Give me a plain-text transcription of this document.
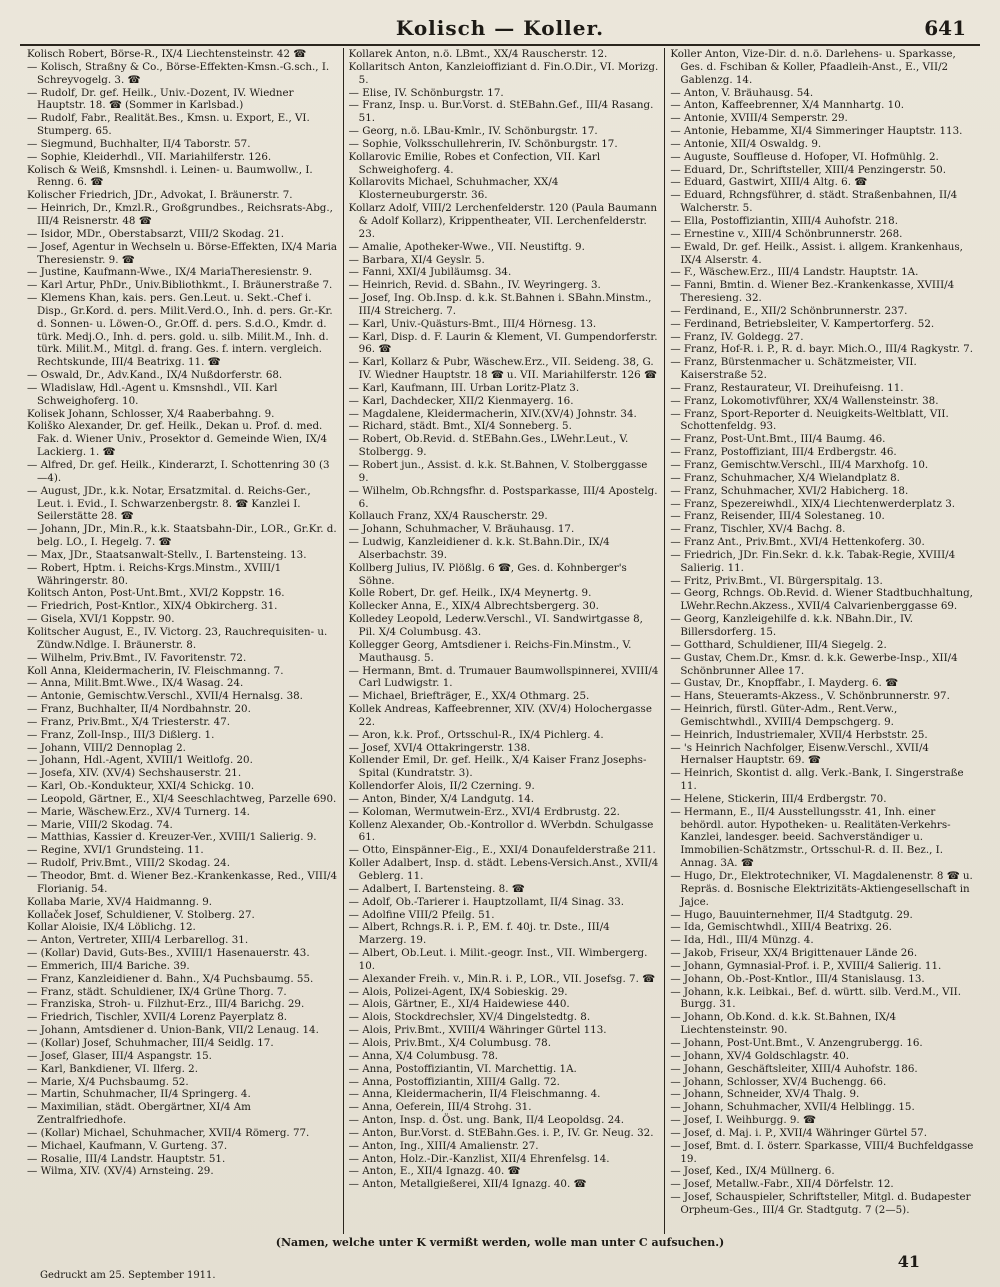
Kolisch — Koller.	641
Kolisch Robert, Börse-R., IX/4 Liechtensteinstr. 42 ☎
— Kolisch, Straßny & Co., Börse-Effekten-Kmsn.-G.sch., I. Schreyvogelg. 3. ☎
— Rudolf, Dr. gef. Heilk., Univ.-Dozent, IV. Wiedner Hauptstr. 18. ☎ (Sommer in Karlsbad.)
— Rudolf, Fabr., Realität.Bes., Kmsn. u. Export, E., VI. Stumperg. 65.
— Siegmund, Buchhalter, II/4 Taborstr. 57.
— Sophie, Kleiderhdl., VII. Mariahilferstr. 126.
Kolisch & Weiß, Kmsnshdl. i. Leinen- u. Baumwollw., I. Renng. 6. ☎
Kolischer Friedrich, JDr., Advokat, I. Bräunerstr. 7.
— Heinrich, Dr., Kmzl.R., Großgrundbes., Reichsrats-Abg., III/4 Reisnerstr. 48 ☎
— Isidor, MDr., Oberstabsarzt, VIII/2 Skodag. 21.
— Josef, Agentur in Wechseln u. Börse-Effekten, IX/4 Maria Theresienstr. 9. ☎
— Justine, Kaufmann-Wwe., IX/4 MariaTheresienstr. 9.
— Karl Artur, PhDr., Univ.Bibliothkmt., I. Bräunerstraße 7.
— Klemens Khan, kais. pers. Gen.Leut. u. Sekt.-Chef i. Disp., Gr.Kord. d. pers. Milit.Verd.O., Inh. d. pers. Gr.-Kr. d. Sonnen- u. Löwen-O., Gr.Off. d. pers. S.d.O., Kmdr. d. türk. Medj.O., Inh. d. pers. gold. u. silb. Milit.M., Inh. d. türk. Milit.M., Mitgl. d. frang. Ges. f. intern. vergleich. Rechtskunde, III/4 Beatrixg. 11. ☎
— Oswald, Dr., Adv.Kand., IX/4 Nußdorferstr. 68.
— Wladislaw, Hdl.-Agent u. Kmsnshdl., VII. Karl Schweighoferg. 10.
Kolisek Johann, Schlosser, X/4 Raaberbahng. 9.
Koliško Alexander, Dr. gef. Heilk., Dekan u. Prof. d. med. Fak. d. Wiener Univ., Prosektor d. Gemeinde Wien, IX/4 Lackierg. 1. ☎
— Alfred, Dr. gef. Heilk., Kinderarzt, I. Schottenring 30 (3—4).
— August, JDr., k.k. Notar, Ersatzmital. d. Reichs-Ger., Leut. i. Evid., I. Schwarzenbergstr. 8. ☎ Kanzlei I. Seilerstätte 28. ☎
— Johann, JDr., Min.R., k.k. Staatsbahn-Dir., LOR., Gr.Kr. d. belg. LO., I. Hegelg. 7. ☎
— Max, JDr., Staatsanwalt-Stellv., I. Bartensteing. 13.
— Robert, Hptm. i. Reichs-Krgs.Minstm., XVIII/1 Währingerstr. 80.
Kolitsch Anton, Post-Unt.Bmt., XVI/2 Koppstr. 16.
— Friedrich, Post-Kntlor., XIX/4 Obkircherg. 31.
— Gisela, XVI/1 Koppstr. 90.
Kolitscher August, E., IV. Victorg. 23, Rauchrequisiten- u. Zündw.Ndlge. I. Bräunerstr. 8.
— Wilhelm, Priv.Bmt., IV. Favoritenstr. 72.
Koll Anna, Kleidermacherin, IV. Fleischmanng. 7.
— Anna, Milit.Bmt.Wwe., IX/4 Wasag. 24.
— Antonie, Gemischtw.Verschl., XVII/4 Hernalsg. 38.
— Franz, Buchhalter, II/4 Nordbahnstr. 20.
— Franz, Priv.Bmt., X/4 Triesterstr. 47.
— Franz, Zoll-Insp., III/3 Dißlerg. 1.
— Johann, VIII/2 Dennoplag 2.
— Johann, Hdl.-Agent, XVIII/1 Weitlofg. 20.
— Josefa, XIV. (XV/4) Sechshauserstr. 21.
— Karl, Ob.-Kondukteur, XXI/4 Schickg. 10.
— Leopold, Gärtner, E., XI/4 Seeschlachtweg, Parzelle 690.
— Marie, Wäschew.Erz., XV/4 Turnerg. 14.
— Marie, VIII/2 Skodag. 74.
— Matthias, Kassier d. Kreuzer-Ver., XVIII/1 Salierig. 9.
— Regine, XVI/1 Grundsteing. 11.
— Rudolf, Priv.Bmt., VIII/2 Skodag. 24.
— Theodor, Bmt. d. Wiener Bez.-Krankenkasse, Red., VIII/4 Florianig. 54.
Kollaba Marie, XV/4 Haidmanng. 9.
Kollaček Josef, Schuldiener, V. Stolberg. 27.
Kollar Aloisie, IX/4 Löblichg. 12.
— Anton, Vertreter, XIII/4 Lerbarellog. 31.
— (Kollar) David, Guts-Bes., XVIII/1 Hasenauerstr. 43.
— Emmerich, III/4 Bariche. 39.
— Franz, Kanzleidiener d. Bahn., X/4 Puchsbaumg. 55.
— Franz, städt. Schuldiener, IX/4 Grüne Thorg. 7.
— Franziska, Stroh- u. Filzhut-Erz., III/4 Barichg. 29.
— Friedrich, Tischler, XVII/4 Lorenz Payerplatz 8.
— Johann, Amtsdiener d. Union-Bank, VII/2 Lenaug. 14.
— (Kollar) Josef, Schuhmacher, III/4 Seidlg. 17.
— Josef, Glaser, III/4 Aspangstr. 15.
— Karl, Bankdiener, VI. Ilferg. 2.
— Marie, X/4 Puchsbaumg. 52.
— Martin, Schuhmacher, II/4 Springerg. 4.
— Maximilian, städt. Obergärtner, XI/4 Am Zentralfriedhofe.
— (Kollar) Michael, Schuhmacher, XVII/4 Römerg. 77.
— Michael, Kaufmann, V. Gurteng. 37.
— Rosalie, III/4 Landstr. Hauptstr. 51.
— Wilma, XIV. (XV/4) Arnsteing. 29.
Kollarek Anton, n.ö. LBmt., XX/4 Rauscherstr. 12.
Kollaritsch Anton, Kanzleioffiziant d. Fin.O.Dir., VI. Morizg. 5.
— Elise, IV. Schönburgstr. 17.
— Franz, Insp. u. Bur.Vorst. d. StEBahn.Gef., III/4 Rasang. 51.
— Georg, n.ö. LBau-Kmlr., IV. Schönburgstr. 17.
— Sophie, Volksschullehrerin, IV. Schönburgstr. 17.
Kollarovic Emilie, Robes et Confection, VII. Karl Schweighoferg. 4.
Kollarovits Michael, Schuhmacher, XX/4 Klosterneuburgerstr. 36.
Kollarz Adolf, VIII/2 Lerchenfelderstr. 120 (Paula Baumann & Adolf Kollarz), Krippentheater, VII. Lerchenfelderstr. 23.
— Amalie, Apotheker-Wwe., VII. Neustiftg. 9.
— Barbara, XI/4 Geyslr. 5.
— Fanni, XXI/4 Jubiläumsg. 34.
— Heinrich, Revid. d. SBahn., IV. Weyringerg. 3.
— Josef, Ing. Ob.Insp. d. k.k. St.Bahnen i. SBahn.Minstm., III/4 Streicherg. 7.
— Karl, Univ.-Quästurs-Bmt., III/4 Hörnesg. 13.
— Karl, Disp. d. F. Laurin & Klement, VI. Gumpendorferstr. 96. ☎
— Karl, Kollarz & Pubr, Wäschew.Erz., VII. Seideng. 38, G. IV. Wiedner Hauptstr. 18 ☎ u. VII. Mariahilferstr. 126 ☎
— Karl, Kaufmann, III. Urban Loritz-Platz 3.
— Karl, Dachdecker, XII/2 Kienmayerg. 16.
— Magdalene, Kleidermacherin, XIV.(XV/4) Johnstr. 34.
— Richard, städt. Bmt., XI/4 Sonneberg. 5.
— Robert, Ob.Revid. d. StEBahn.Ges., LWehr.Leut., V. Stolbergg. 9.
— Robert jun., Assist. d. k.k. St.Bahnen, V. Stolberggasse 9.
— Wilhelm, Ob.Rchngsfhr. d. Postsparkasse, III/4 Apostelg. 6.
Kollauch Franz, XX/4 Rauscherstr. 29.
— Johann, Schuhmacher, V. Bräuhausg. 17.
— Ludwig, Kanzleidiener d. k.k. St.Bahn.Dir., IX/4 Alserbachstr. 39.
Kollberg Julius, IV. Plößlg. 6 ☎, Ges. d. Kohnberger's Söhne.
Kolle Robert, Dr. gef. Heilk., IX/4 Meynertg. 9.
Kollecker Anna, E., XIX/4 Albrechtsbergerg. 30.
Kolledey Leopold, Lederw.Verschl., VI. Sandwirtgasse 8, Pil. X/4 Columbusg. 43.
Kollegger Georg, Amtsdiener i. Reichs-Fin.Minstm., V. Mauthausg. 5.
— Hermann, Bmt. d. Trumauer Baumwollspinnerei, XVIII/4 Carl Ludwigstr. 1.
— Michael, Briefträger, E., XX/4 Othmarg. 25.
Kollek Andreas, Kaffeebrenner, XIV. (XV/4) Holochergasse 22.
— Aron, k.k. Prof., Ortsschul-R., IX/4 Pichlerg. 4.
— Josef, XVI/4 Ottakringerstr. 138.
Kollender Emil, Dr. gef. Heilk., X/4 Kaiser Franz Josephs-Spital (Kundratstr. 3).
Kollendorfer Alois, II/2 Czerning. 9.
— Anton, Binder, X/4 Landgutg. 14.
— Koloman, Wermutwein-Erz., XVI/4 Erdbrustg. 22.
Kollenz Alexander, Ob.-Kontrollor d. WVerbdn. Schulgasse 61.
— Otto, Einspänner-Eig., E., XXI/4 Donaufelderstraße 211.
Koller Adalbert, Insp. d. städt. Lebens-Versich.Anst., XVII/4 Geblerg. 11.
— Adalbert, I. Bartensteing. 8. ☎
— Adolf, Ob.-Tarierer i. Hauptzollamt, II/4 Sinag. 33.
— Adolfine VIII/2 Pfeilg. 51.
— Albert, Rchngs.R. i. P., EM. f. 40j. tr. Dste., III/4 Marzerg. 19.
— Albert, Ob.Leut. i. Milit.-geogr. Inst., VII. Wimbergerg. 10.
— Alexander Freih. v., Min.R. i. P., LOR., VII. Josefsg. 7. ☎
— Alois, Polizei-Agent, IX/4 Sobieskig. 29.
— Alois, Gärtner, E., XI/4 Haidewiese 440.
— Alois, Stockdrechsler, XV/4 Dingelstedtg. 8.
— Alois, Priv.Bmt., XVIII/4 Währinger Gürtel 113.
— Alois, Priv.Bmt., X/4 Columbusg. 78.
— Anna, X/4 Columbusg. 78.
— Anna, Postoffiziantin, VI. Marchettig. 1A.
— Anna, Postoffiziantin, XIII/4 Gallg. 72.
— Anna, Kleidermacherin, II/4 Fleischmanng. 4.
— Anna, Oeferein, III/4 Strohg. 31.
— Anton, Insp. d. Öst. ung. Bank, II/4 Leopoldsg. 24.
— Anton, Bur.Vorst. d. StEBahn.Ges. i. P., IV. Gr. Neug. 32.
— Anton, Ing., XIII/4 Amalienstr. 27.
— Anton, Holz.-Dir.-Kanzlist, XII/4 Ehrenfelsg. 14.
— Anton, E., XII/4 Ignazg. 40. ☎
— Anton, Metallgießerei, XII/4 Ignazg. 40. ☎
Koller Anton, Vize-Dir. d. n.ö. Darlehens- u. Sparkasse, Ges. d. Fschiban & Koller, Pfaadleih-Anst., E., VII/2 Gablenzg. 14.
— Anton, V. Bräuhausg. 54.
— Anton, Kaffeebrenner, X/4 Mannhartg. 10.
— Antonie, XVIII/4 Semperstr. 29.
— Antonie, Hebamme, XI/4 Simmeringer Hauptstr. 113.
— Antonie, XII/4 Oswaldg. 9.
— Auguste, Souffleuse d. Hofoper, VI. Hofmühlg. 2.
— Eduard, Dr., Schriftsteller, XIII/4 Penzingerstr. 50.
— Eduard, Gastwirt, XIII/4 Altg. 6. ☎
— Eduard, Rchngsführer, d. städt. Straßenbahnen, II/4 Walcherstr. 5.
— Ella, Postoffiziantin, XIII/4 Auhofstr. 218.
— Ernestine v., XIII/4 Schönbrunnerstr. 268.
— Ewald, Dr. gef. Heilk., Assist. i. allgem. Krankenhaus, IX/4 Alserstr. 4.
— F., Wäschew.Erz., III/4 Landstr. Hauptstr. 1A.
— Fanni, Bmtin. d. Wiener Bez.-Krankenkasse, XVIII/4 Theresieng. 32.
— Ferdinand, E., XII/2 Schönbrunnerstr. 237.
— Ferdinand, Betriebsleiter, V. Kampertorferg. 52.
— Franz, IV. Goldegg. 27.
— Franz, Hof-R. i. P., R. d. bayr. Mich.O., III/4 Ragkystr. 7.
— Franz, Bürstenmacher u. Schätzmeister, VII. Kaiserstraße 52.
— Franz, Restaurateur, VI. Dreihufeisng. 11.
— Franz, Lokomotivführer, XX/4 Wallensteinstr. 38.
— Franz, Sport-Reporter d. Neuigkeits-Weltblatt, VII. Schottenfeldg. 93.
— Franz, Post-Unt.Bmt., III/4 Baumg. 46.
— Franz, Postoffiziant, III/4 Erdbergstr. 46.
— Franz, Gemischtw.Verschl., III/4 Marxhofg. 10.
— Franz, Schuhmacher, X/4 Wielandplatz 8.
— Franz, Schuhmacher, XVI/2 Habicherg. 18.
— Franz, Spezereiwhdl., XIX/4 Liechtenwerderplatz 3.
— Franz, Reisender, III/4 Solestaneg. 10.
— Franz, Tischler, XV/4 Bachg. 8.
— Franz Ant., Priv.Bmt., XVI/4 Hettenkoferg. 30.
— Friedrich, JDr. Fin.Sekr. d. k.k. Tabak-Regie, XVIII/4 Salierig. 11.
— Fritz, Priv.Bmt., VI. Bürgerspitalg. 13.
— Georg, Rchngs. Ob.Revid. d. Wiener Stadtbuchhaltung, LWehr.Rechn.Akzess., XVII/4 Calvarienberggasse 69.
— Georg, Kanzleigehilfe d. k.k. NBahn.Dir., IV. Billersdorferg. 15.
— Gotthard, Schuldiener, III/4 Siegelg. 2.
— Gustav, Chem.Dr., Kmsr. d. k.k. Gewerbe-Insp., XII/4 Schönbrunner Allee 17.
— Gustav, Dr., Knopffabr., I. Mayderg. 6. ☎
— Hans, Steueramts-Akzess., V. Schönbrunnerstr. 97.
— Heinrich, fürstl. Güter-Adm., Rent.Verw., Gemischtwhdl., XVIII/4 Dempschgerg. 9.
— Heinrich, Industriemaler, XVII/4 Herbststr. 25.
— 's Heinrich Nachfolger, Eisenw.Verschl., XVII/4 Hernalser Hauptstr. 69. ☎
— Heinrich, Skontist d. allg. Verk.-Bank, I. Singerstraße 11.
— Helene, Stickerin, III/4 Erdbergstr. 70.
— Hermann, E., II/4 Ausstellungsstr. 41, Inh. einer behördl. autor. Hypotheken- u. Realitäten-Verkehrs-Kanzlei, landesger. beeid. Sachverständiger u. Immobilien-Schätzmstr., Ortsschul-R. d. II. Bez., I. Annag. 3A. ☎
— Hugo, Dr., Elektrotechniker, VI. Magdalenenstr. 8 ☎ u. Repräs. d. Bosnische Elektrizitäts-Aktiengesellschaft in Jajce.
— Hugo, Bauuinternehmer, II/4 Stadtgutg. 29.
— Ida, Gemischtwhdl., XIII/4 Beatrixg. 26.
— Ida, Hdl., III/4 Münzg. 4.
— Jakob, Friseur, XX/4 Brigittenauer Lände 26.
— Johann, Gymnasial-Prof. i. P., XVIII/4 Salierig. 11.
— Johann, Ob.-Post-Kntlor., III/4 Stanislausg. 13.
— Johann, k.k. Leibkai., Bef. d. württ. silb. Verd.M., VII. Burgg. 31.
— Johann, Ob.Kond. d. k.k. St.Bahnen, IX/4 Liechtensteinstr. 90.
— Johann, Post-Unt.Bmt., V. Anzengrubergg. 16.
— Johann, XV/4 Goldschlagstr. 40.
— Johann, Geschäftsleiter, XIII/4 Auhofstr. 186.
— Johann, Schlosser, XV/4 Buchengg. 66.
— Johann, Schneider, XV/4 Thalg. 9.
— Johann, Schuhmacher, XVII/4 Helblingg. 15.
— Josef, I. Weihburgg. 9. ☎
— Josef, d. Maj. i. P., XVII/4 Währinger Gürtel 57.
— Josef, Bmt. d. I. österr. Sparkasse, VIII/4 Buchfeldgasse 19.
— Josef, Ked., IX/4 Müllnerg. 6.
— Josef, Metallw.-Fabr., XII/4 Dörfelstr. 12.
— Josef, Schauspieler, Schriftsteller, Mitgl. d. Budapester Orpheum-Ges., III/4 Gr. Stadtgutg. 7 (2—5).
(Namen, welche unter K vermißt werden, wolle man unter C aufsuchen.)
41
Gedruckt am 25. September 1911.
